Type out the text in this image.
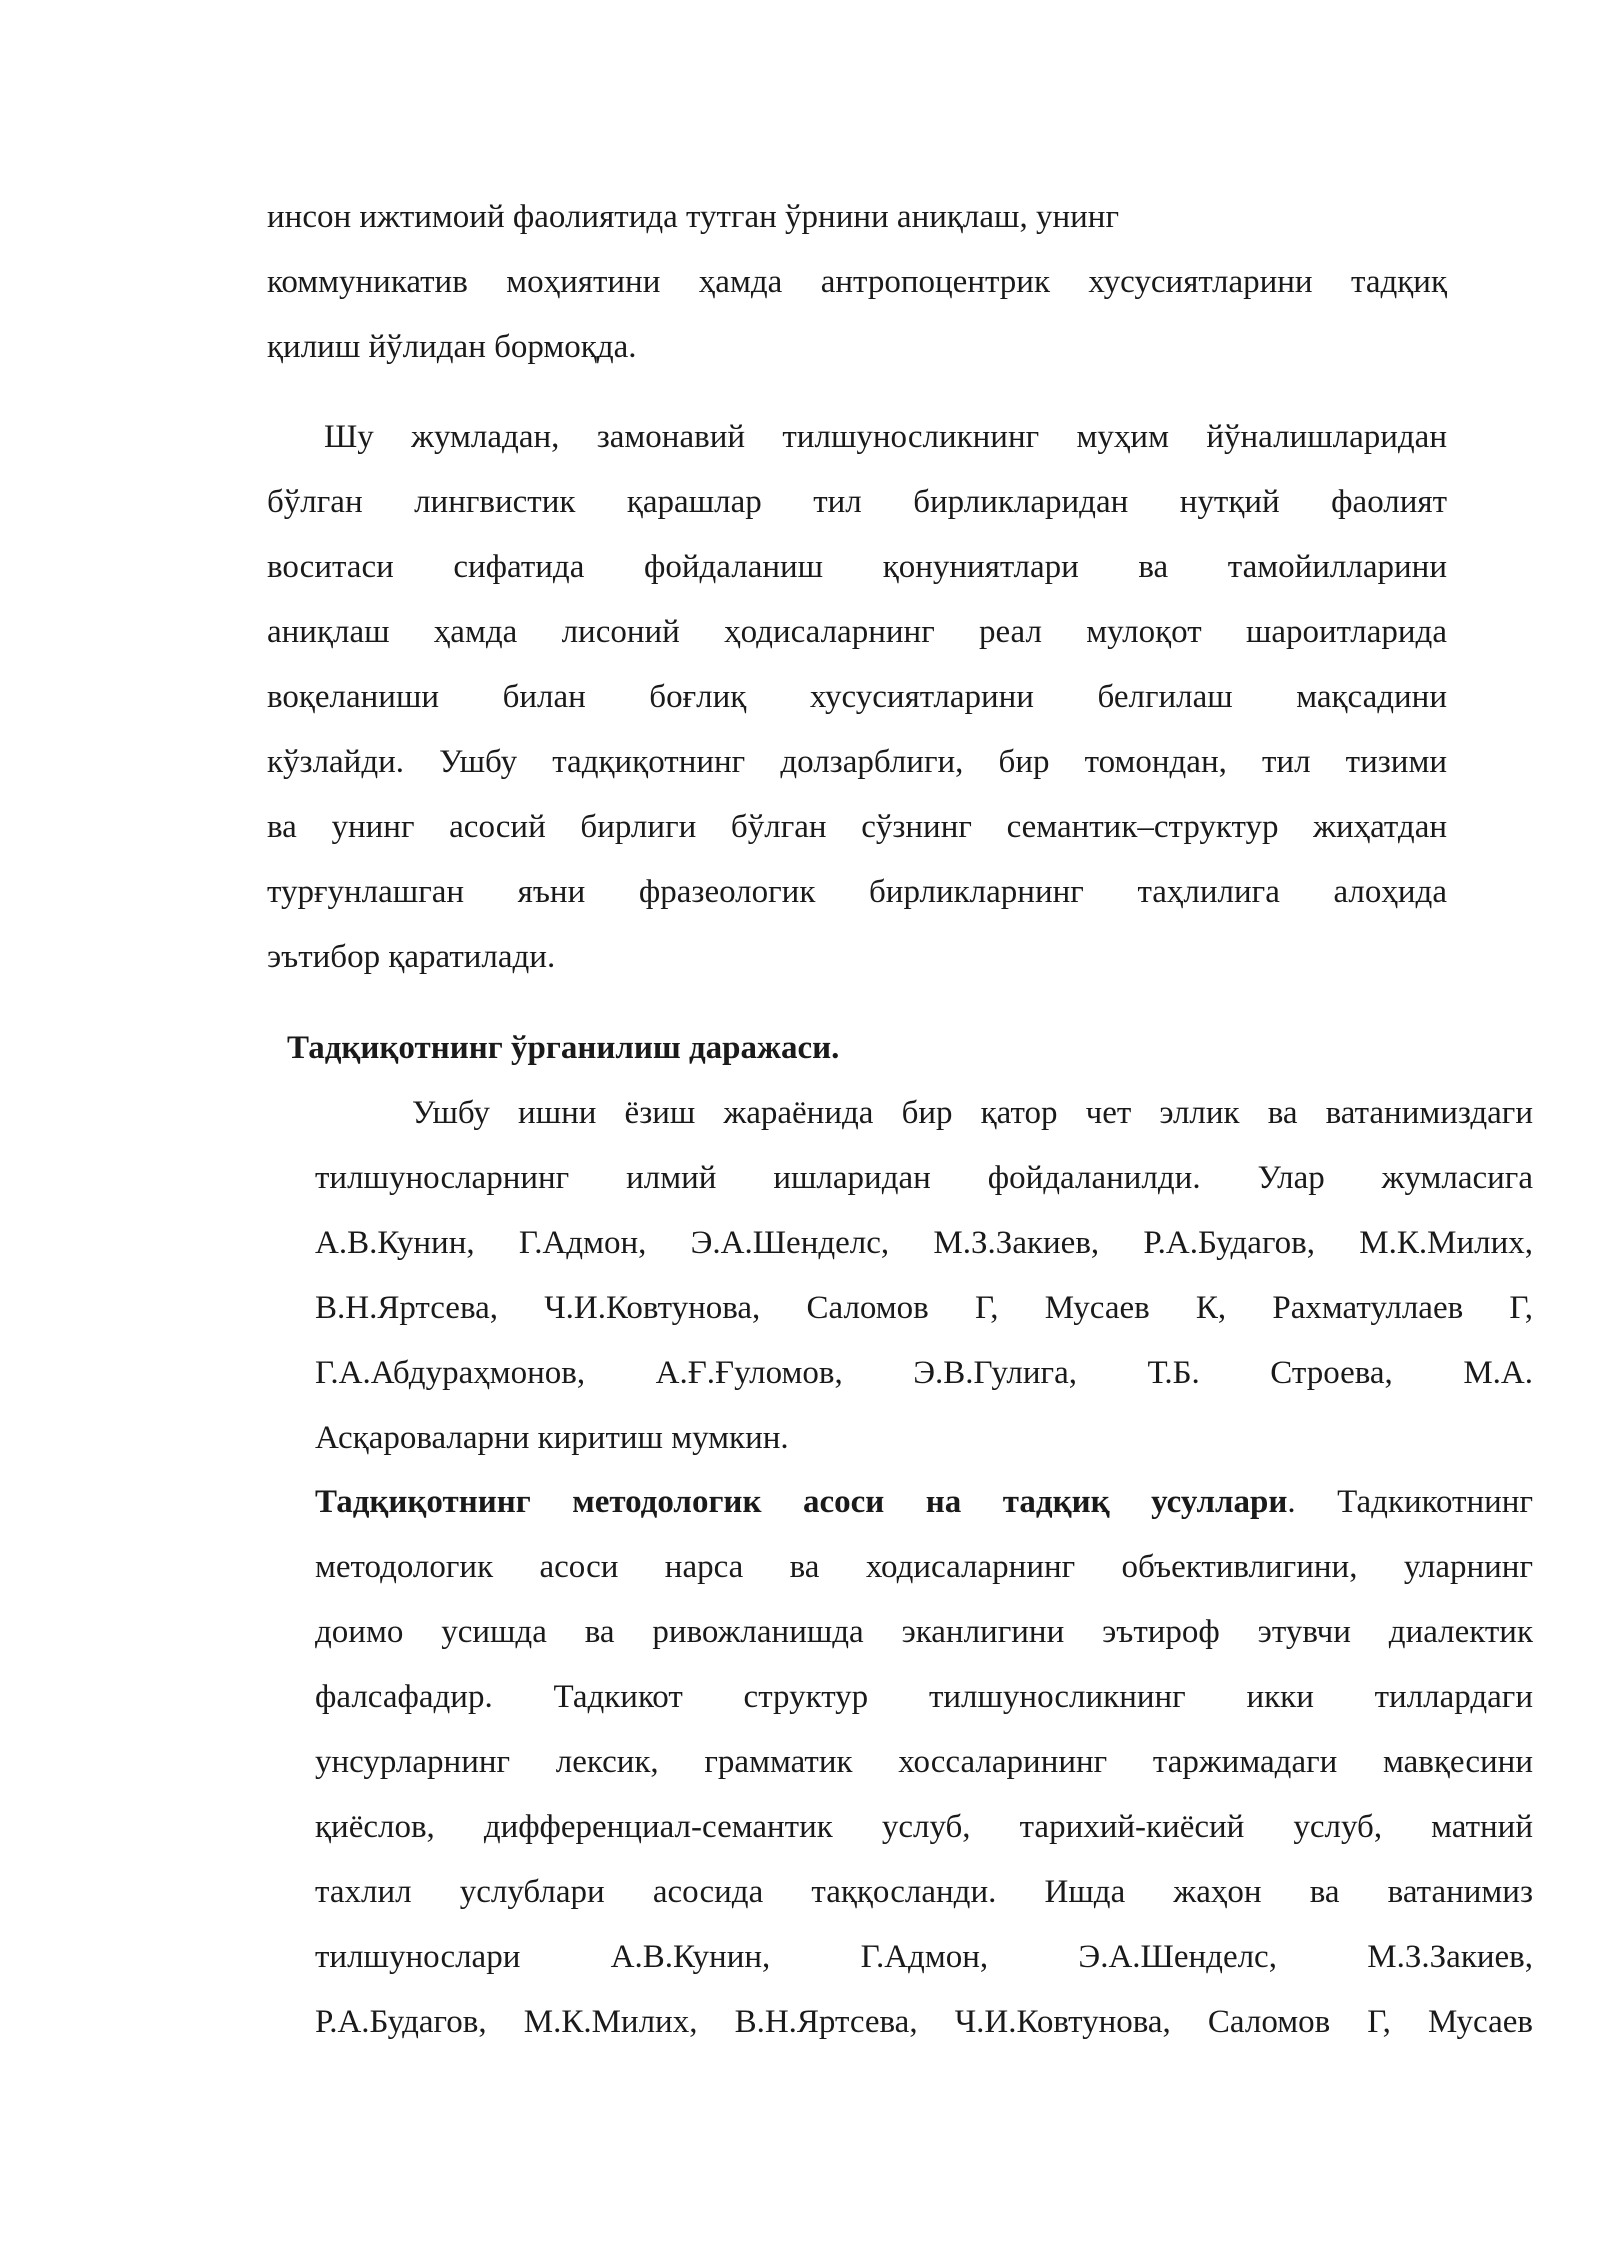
инсон ижтимоий фаолиятида тутган ўрнини аниқлаш, унинг
коммуникатив моҳиятини ҳамда антропоцентрик хусусиятларини тадқиқ
қилиш йўлидан бормоқда.
Шу жумладан, замонавий тилшуносликнинг муҳим йўналишларидан
бўлган лингвистик қарашлар тил бирликларидан нутқий фаолият
воситаси сифатида фойдаланиш қонуниятлари ва тамойилларини
аниқлаш ҳамда лисоний ҳодисаларнинг реал мулоқот шароитларида
воқеланиши билан боғлиқ хусусиятларини белгилаш мақсадини
кўзлайди. Ушбу тадқиқотнинг долзарблиги, бир томондан, тил тизими
ва унинг асосий бирлиги бўлган сўзнинг семантик–структур жиҳатдан
турғунлашган яъни фразеологик бирликларнинг таҳлилига алоҳида
эътибор қаратилади.
Тадқиқотнинг ўрганилиш даражаси.
Ушбу ишни ёзиш жараёнида бир қатор чет эллик ва ватанимиздаги
тилшуносларнинг илмий ишларидан фойдаланилди. Улар жумласига
А.В.Кунин, Г.Адмон, Э.А.Шенделс, М.З.Закиев, Р.А.Будагов, М.К.Милих,
В.Н.Яртсева, Ч.И.Ковтунова, Саломов Г, Мусаев К, Рахматуллаев Г,
Г.А.Абдураҳмонов, А.Ғ.Ғуломов, Э.В.Гулига, Т.Б. Строева, М.А.
Асқароваларни киритиш мумкин.
Тадқиқотнинг методологик асоси на тадқиқ усуллари. Тадкикотнинг
методологик асоси нарса ва ходисаларнинг объективлигини, уларнинг
доимо усишда ва ривожланишда эканлигини эътироф этувчи диалектик
фалсафадир. Тадкикот структур тилшуносликнинг икки тиллардаги
унсурларнинг лексик, грамматик хоссаларининг таржимадаги мавқесини
қиёслов, дифференциал-семантик услуб, тарихий-киёсий услуб, матний
тахлил услублари асосида таққосланди. Ишда жаҳон ва ватанимиз
тилшунослари А.В.Кунин, Г.Адмон, Э.А.Шенделс, М.З.Закиев,
Р.А.Будагов, М.К.Милих, В.Н.Яртсева, Ч.И.Ковтунова, Саломов Г, Мусаев
